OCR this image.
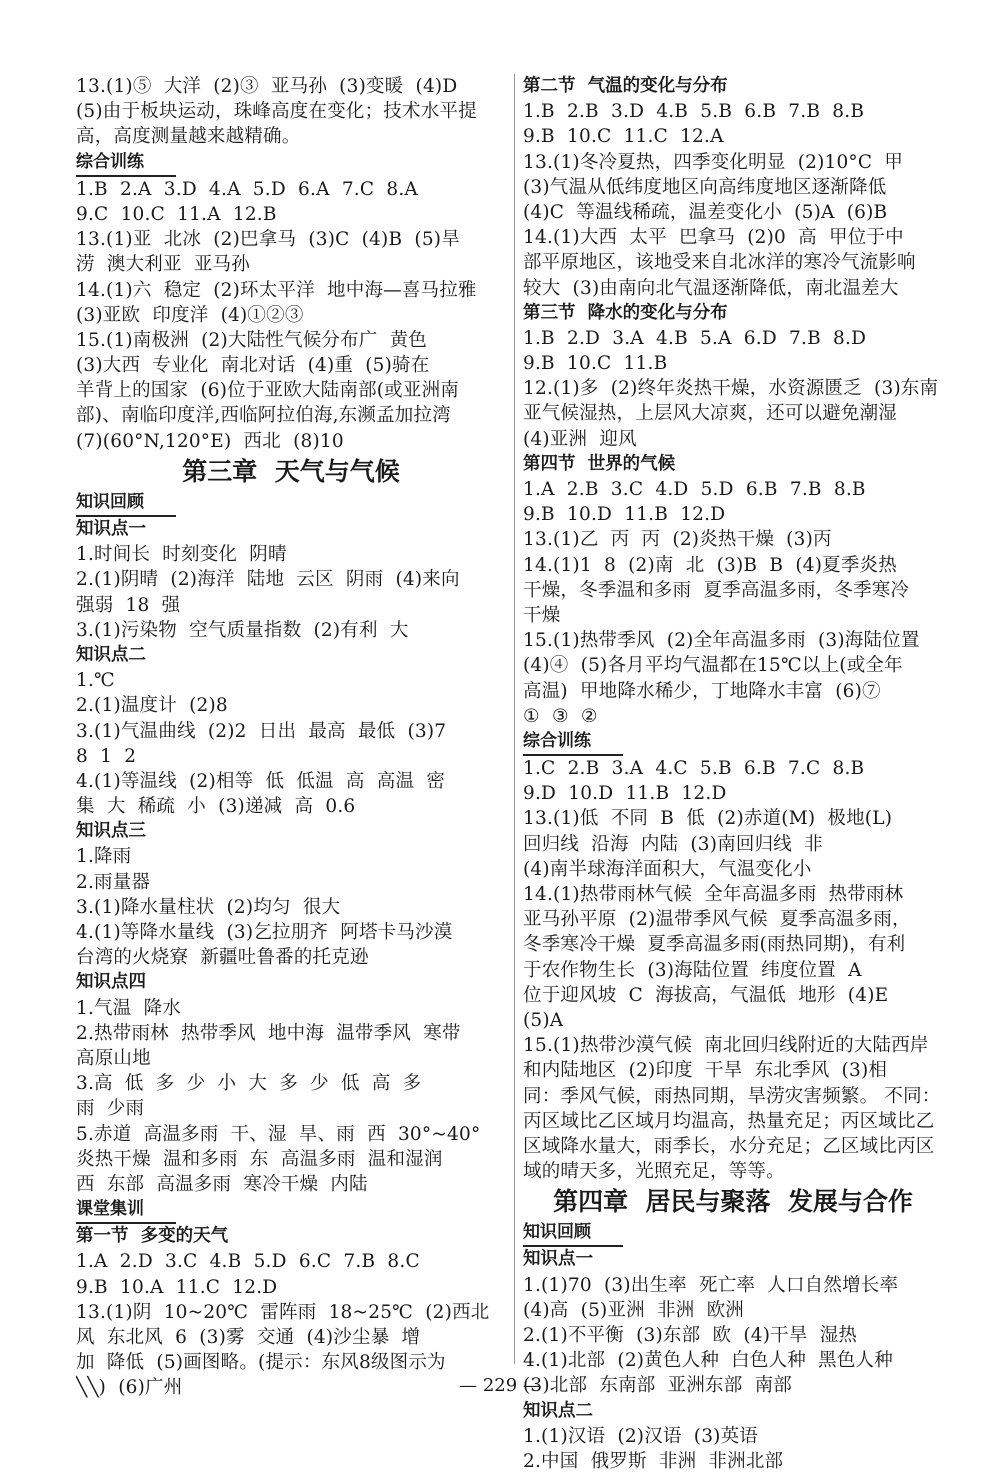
13.(1)⑤  大洋  (2)③  亚马孙  (3)变暖  (4)D
(5)由于板块运动，珠峰高度在变化；技术水平提
高，高度测量越来越精确。
综合训练
1.B  2.A  3.D  4.A  5.D  6.A  7.C  8.A
9.C  10.C  11.A  12.B
13.(1)亚  北冰  (2)巴拿马  (3)C  (4)B  (5)旱
涝  澳大利亚  亚马孙
14.(1)六  稳定  (2)环太平洋  地中海—喜马拉雅
(3)亚欧  印度洋  (4)①②③
15.(1)南极洲  (2)大陆性气候分布广  黄色
(3)大西  专业化  南北对话  (4)重  (5)骑在
羊背上的国家  (6)位于亚欧大陆南部(或亚洲南
部)、南临印度洋,西临阿拉伯海,东濒孟加拉湾
(7)(60°N,120°E)  西北  (8)10
第三章  天气与气候
知识回顾
知识点一
1.时间长  时刻变化  阴晴
2.(1)阴晴  (2)海洋  陆地  云区  阴雨  (4)来向
强弱  18  强
3.(1)污染物  空气质量指数  (2)有利  大
知识点二
1.℃
2.(1)温度计  (2)8
3.(1)气温曲线  (2)2  日出  最高  最低  (3)7
8  1  2
4.(1)等温线  (2)相等  低  低温  高  高温  密
集  大  稀疏  小  (3)递减  高  0.6
知识点三
1.降雨
2.雨量器
3.(1)降水量柱状  (2)均匀  很大
4.(1)等降水量线  (3)乞拉朋齐  阿塔卡马沙漠
台湾的火烧寮  新疆吐鲁番的托克逊
知识点四
1.气温  降水
2.热带雨林  热带季风  地中海  温带季风  寒带
高原山地
3.高  低  多  少  小  大  多  少  低  高  多
雨  少雨
5.赤道  高温多雨  干、湿  旱、雨  西  30°~40°
炎热干燥  温和多雨  东  高温多雨  温和湿润
西  东部  高温多雨  寒冷干燥  内陆
课堂集训
第一节  多变的天气
1.A  2.D  3.C  4.B  5.D  6.C  7.B  8.C
9.B  10.A  11.C  12.D
13.(1)阴  10~20℃  雷阵雨  18~25℃  (2)西北
风  东北风  6  (3)雾  交通  (4)沙尘暴  增
加  降低  (5)画图略。(提示：东风8级图示为
╲╲)  (6)广州
第二节  气温的变化与分布
1.B  2.B  3.D  4.B  5.B  6.B  7.B  8.B
9.B  10.C  11.C  12.A
13.(1)冬冷夏热，四季变化明显  (2)10°C  甲
(3)气温从低纬度地区向高纬度地区逐渐降低
(4)C  等温线稀疏，温差变化小  (5)A  (6)B
14.(1)大西  太平  巴拿马  (2)0  高  甲位于中
部平原地区，该地受来自北冰洋的寒冷气流影响
较大  (3)由南向北气温逐渐降低，南北温差大
第三节  降水的变化与分布
1.B  2.D  3.A  4.B  5.A  6.D  7.B  8.D
9.B  10.C  11.B
12.(1)多  (2)终年炎热干燥，水资源匮乏  (3)东南
亚气候湿热，上层风大凉爽，还可以避免潮湿
(4)亚洲  迎风
第四节  世界的气候
1.A  2.B  3.C  4.D  5.D  6.B  7.B  8.B
9.B  10.D  11.B  12.D
13.(1)乙  丙  丙  (2)炎热干燥  (3)丙
14.(1)1  8  (2)南  北  (3)B  B  (4)夏季炎热
干燥，冬季温和多雨  夏季高温多雨，冬季寒冷
干燥
15.(1)热带季风  (2)全年高温多雨  (3)海陆位置
(4)④  (5)各月平均气温都在15℃以上(或全年
高温)  甲地降水稀少，丁地降水丰富  (6)⑦
①  ③  ②
综合训练
1.C  2.B  3.A  4.C  5.B  6.B  7.C  8.B
9.D  10.D  11.B  12.D
13.(1)低  不同  B  低  (2)赤道(M)  极地(L)
回归线  沿海  内陆  (3)南回归线  非
(4)南半球海洋面积大，气温变化小
14.(1)热带雨林气候  全年高温多雨  热带雨林
亚马孙平原  (2)温带季风气候  夏季高温多雨，
冬季寒冷干燥  夏季高温多雨(雨热同期)，有利
于农作物生长  (3)海陆位置  纬度位置  A
位于迎风坡  C  海拔高，气温低  地形  (4)E
(5)A
15.(1)热带沙漠气候  南北回归线附近的大陆西岸
和内陆地区  (2)印度  干旱  东北季风  (3)相
同：季风气候，雨热同期，旱涝灾害频繁。 不同：
丙区域比乙区域月均温高，热量充足；丙区域比乙
区域降水量大，雨季长，水分充足；乙区域比丙区
域的晴天多，光照充足，等等。
第四章  居民与聚落  发展与合作
知识回顾
知识点一
1.(1)70  (3)出生率  死亡率  人口自然增长率
(4)高  (5)亚洲  非洲  欧洲
2.(1)不平衡  (3)东部  欧  (4)干旱  湿热
4.(1)北部  (2)黄色人种  白色人种  黑色人种
(3)北部  东南部  亚洲东部  南部
知识点二
1.(1)汉语  (2)汉语  (3)英语
2.中国  俄罗斯  非洲  非洲北部
— 229 —
